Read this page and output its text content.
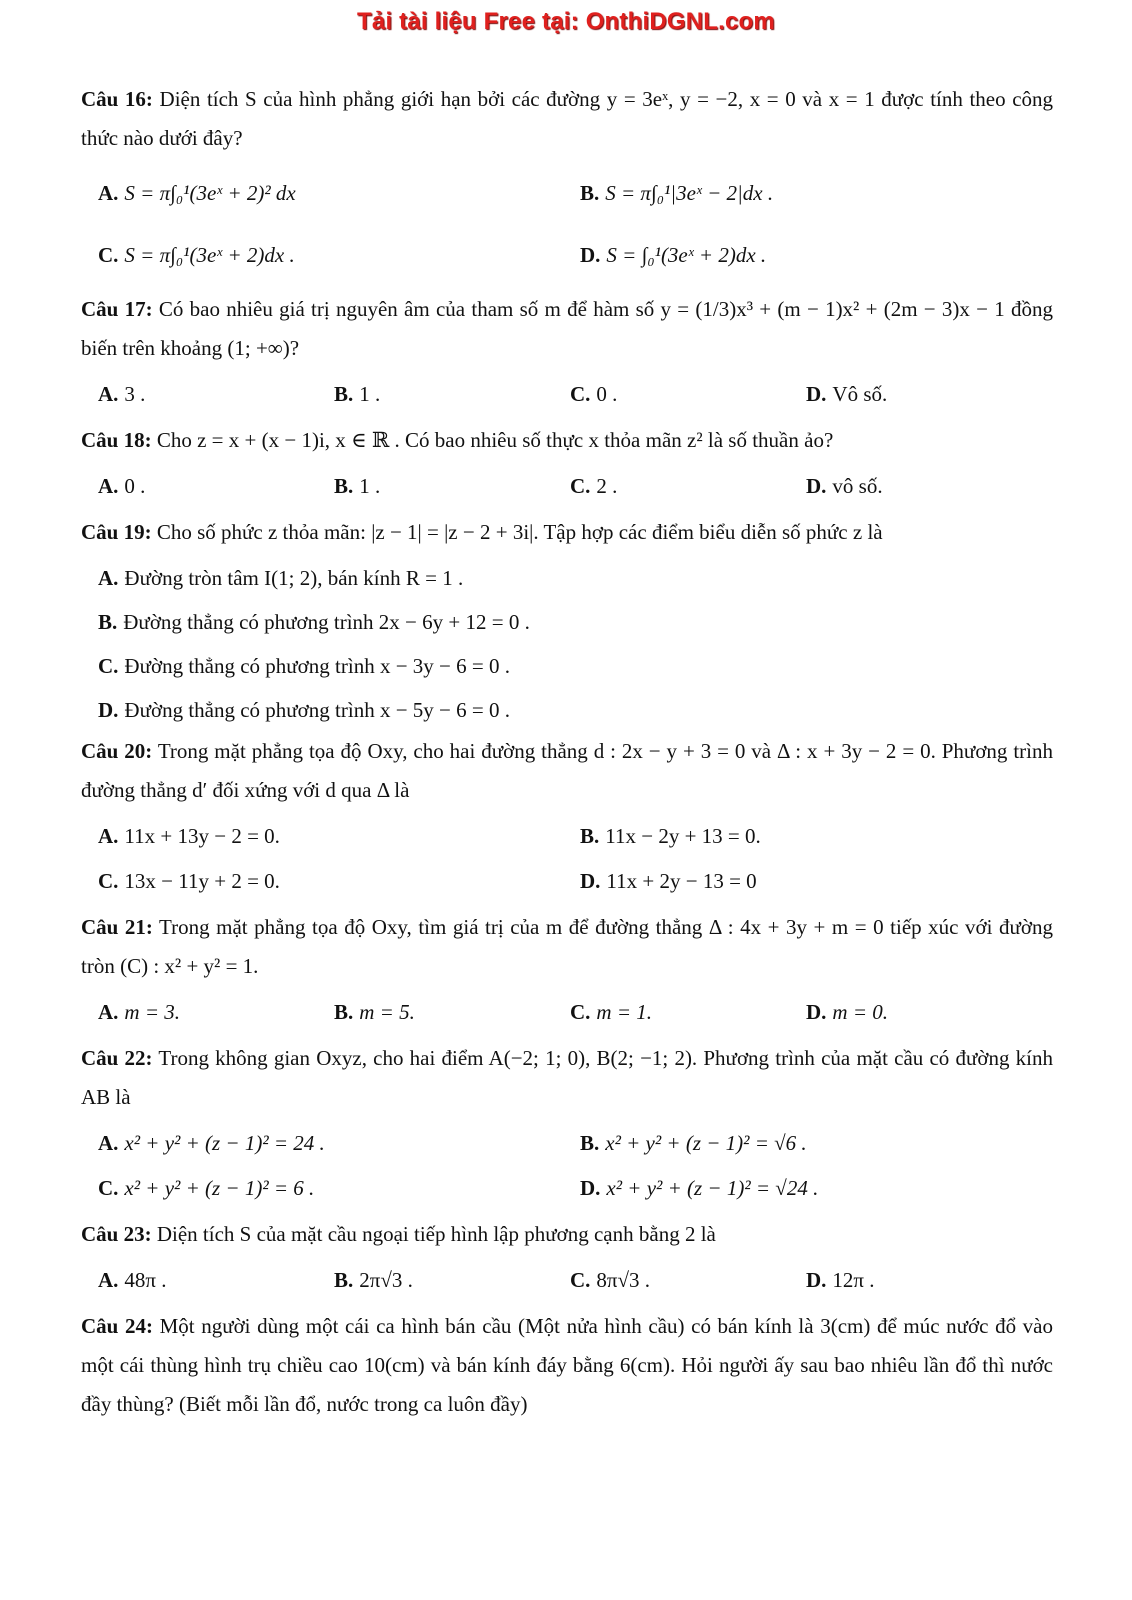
Tải tài liệu Free tại: OnthiDGNL.com
Câu 16: Diện tích S của hình phẳng giới hạn bởi các đường y = 3eˣ, y = −2, x = 0 và x = 1 được tính theo công thức nào dưới đây?
A. S = π∫₀¹(3eˣ + 2)² dx	B. S = π∫₀¹|3eˣ − 2|dx .
C. S = π∫₀¹(3eˣ + 2)dx .	D. S = ∫₀¹(3eˣ + 2)dx .
Câu 17: Có bao nhiêu giá trị nguyên âm của tham số m để hàm số y = (1/3)x³ + (m − 1)x² + (2m − 3)x − 1 đồng biến trên khoảng (1; +∞)?
A. 3 .	B. 1 .	C. 0 .	D. Vô số.
Câu 18: Cho z = x + (x − 1)i, x ∈ ℝ . Có bao nhiêu số thực x thỏa mãn z² là số thuần ảo?
A. 0 .	B. 1 .	C. 2 .	D. vô số.
Câu 19: Cho số phức z thỏa mãn: |z − 1| = |z − 2 + 3i|. Tập hợp các điểm biểu diễn số phức z là
A. Đường tròn tâm I(1; 2), bán kính R = 1 .
B. Đường thẳng có phương trình 2x − 6y + 12 = 0 .
C. Đường thẳng có phương trình x − 3y − 6 = 0 .
D. Đường thẳng có phương trình x − 5y − 6 = 0 .
Câu 20: Trong mặt phẳng tọa độ Oxy, cho hai đường thẳng d : 2x − y + 3 = 0 và Δ : x + 3y − 2 = 0. Phương trình đường thẳng d′ đối xứng với d qua Δ là
A. 11x + 13y − 2 = 0.	B. 11x − 2y + 13 = 0.
C. 13x − 11y + 2 = 0.	D. 11x + 2y − 13 = 0
Câu 21: Trong mặt phẳng tọa độ Oxy, tìm giá trị của m để đường thẳng Δ : 4x + 3y + m = 0 tiếp xúc với đường tròn (C) : x² + y² = 1.
A. m = 3.	B. m = 5.	C. m = 1.	D. m = 0.
Câu 22: Trong không gian Oxyz, cho hai điểm A(−2; 1; 0), B(2; −1; 2). Phương trình của mặt cầu có đường kính AB là
A. x² + y² + (z − 1)² = 24 .	B. x² + y² + (z − 1)² = √6 .
C. x² + y² + (z − 1)² = 6 .	D. x² + y² + (z − 1)² = √24 .
Câu 23: Diện tích S của mặt cầu ngoại tiếp hình lập phương cạnh bằng 2 là
A. 48π .	B. 2π√3 .	C. 8π√3 .	D. 12π .
Câu 24: Một người dùng một cái ca hình bán cầu (Một nửa hình cầu) có bán kính là 3(cm) để múc nước đổ vào một cái thùng hình trụ chiều cao 10(cm) và bán kính đáy bằng 6(cm). Hỏi người ấy sau bao nhiêu lần đổ thì nước đầy thùng? (Biết mỗi lần đổ, nước trong ca luôn đầy)
